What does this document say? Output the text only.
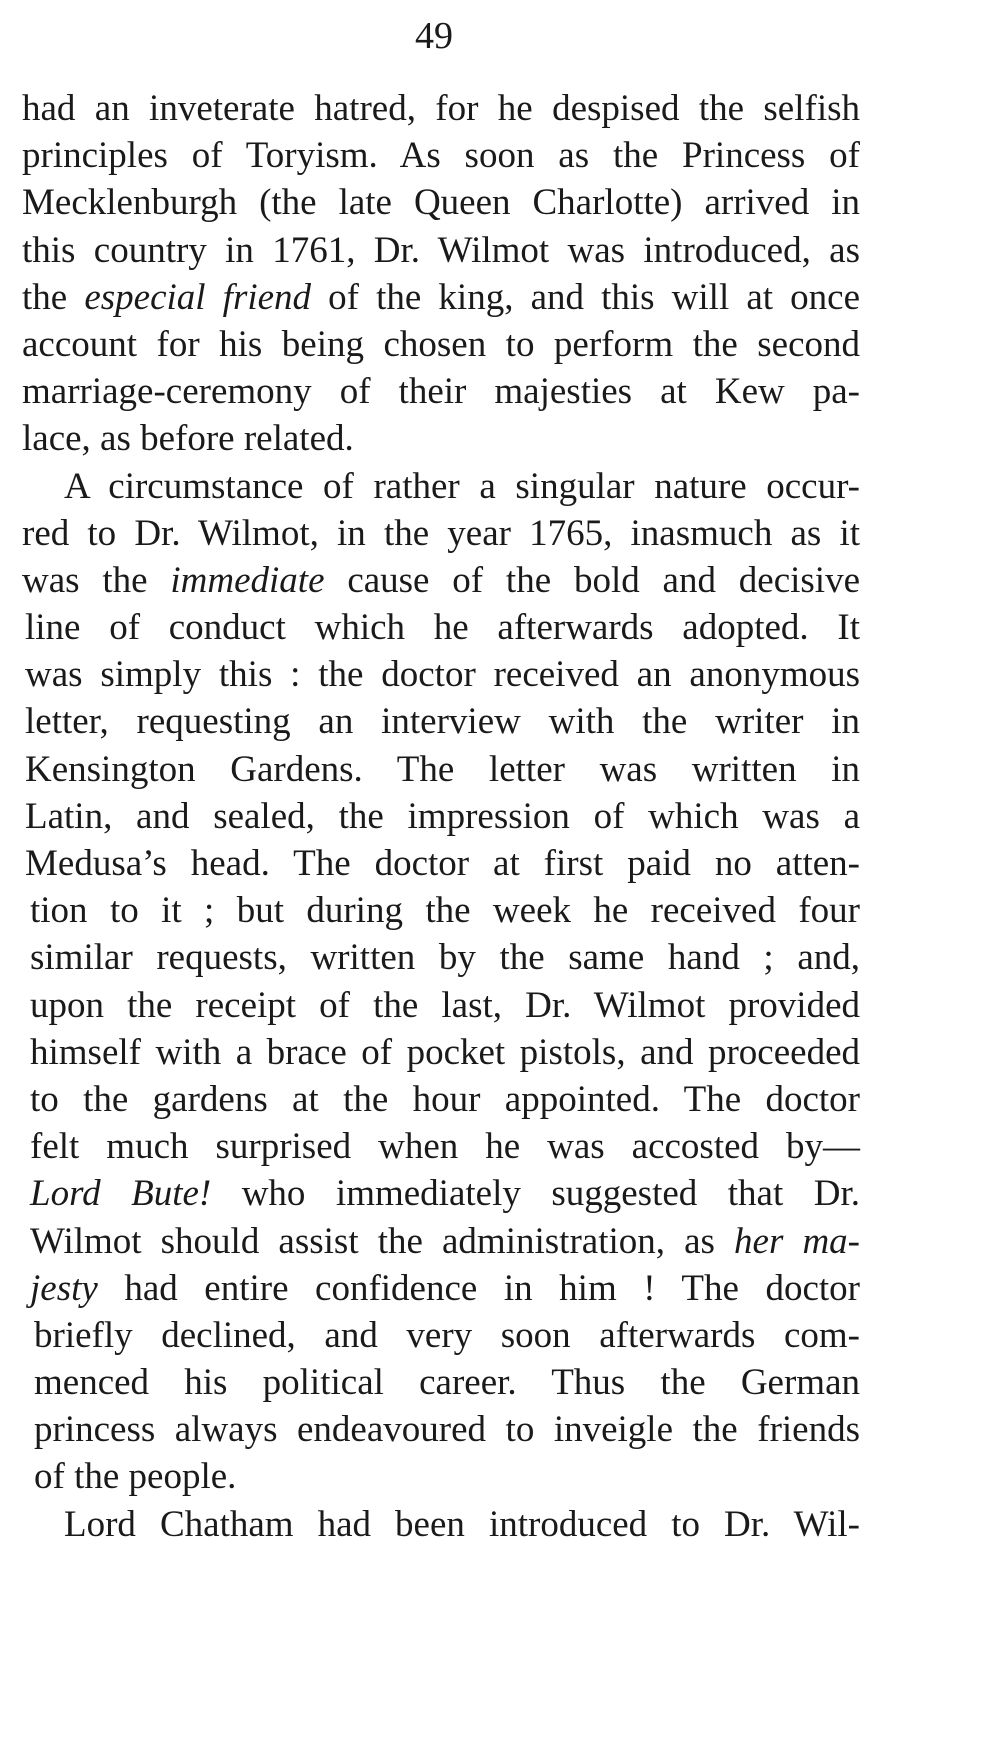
49
had an inveterate hatred, for he despised the selfish
principles of Toryism. As soon as the Princess of
Mecklenburgh (the late Queen Charlotte) arrived in
this country in 1761, Dr. Wilmot was introduced, as
the especial friend of the king, and this will at once
account for his being chosen to perform the second
marriage-ceremony of their majesties at Kew pa-
lace, as before related.
A circumstance of rather a singular nature occur-
red to Dr. Wilmot, in the year 1765, inasmuch as it
was the immediate cause of the bold and decisive
line of conduct which he afterwards adopted. It
was simply this : the doctor received an anonymous
letter, requesting an interview with the writer in
Kensington Gardens. The letter was written in
Latin, and sealed, the impression of which was a
Medusa’s head. The doctor at first paid no atten-
tion to it ; but during the week he received four
similar requests, written by the same hand ; and,
upon the receipt of the last, Dr. Wilmot provided
himself with a brace of pocket pistols, and proceeded
to the gardens at the hour appointed. The doctor
felt much surprised when he was accosted by—
Lord Bute! who immediately suggested that Dr.
Wilmot should assist the administration, as her ma-
jesty had entire confidence in him ! The doctor
briefly declined, and very soon afterwards com-
menced his political career. Thus the German
princess always endeavoured to inveigle the friends
of the people.
Lord Chatham had been introduced to Dr. Wil-
